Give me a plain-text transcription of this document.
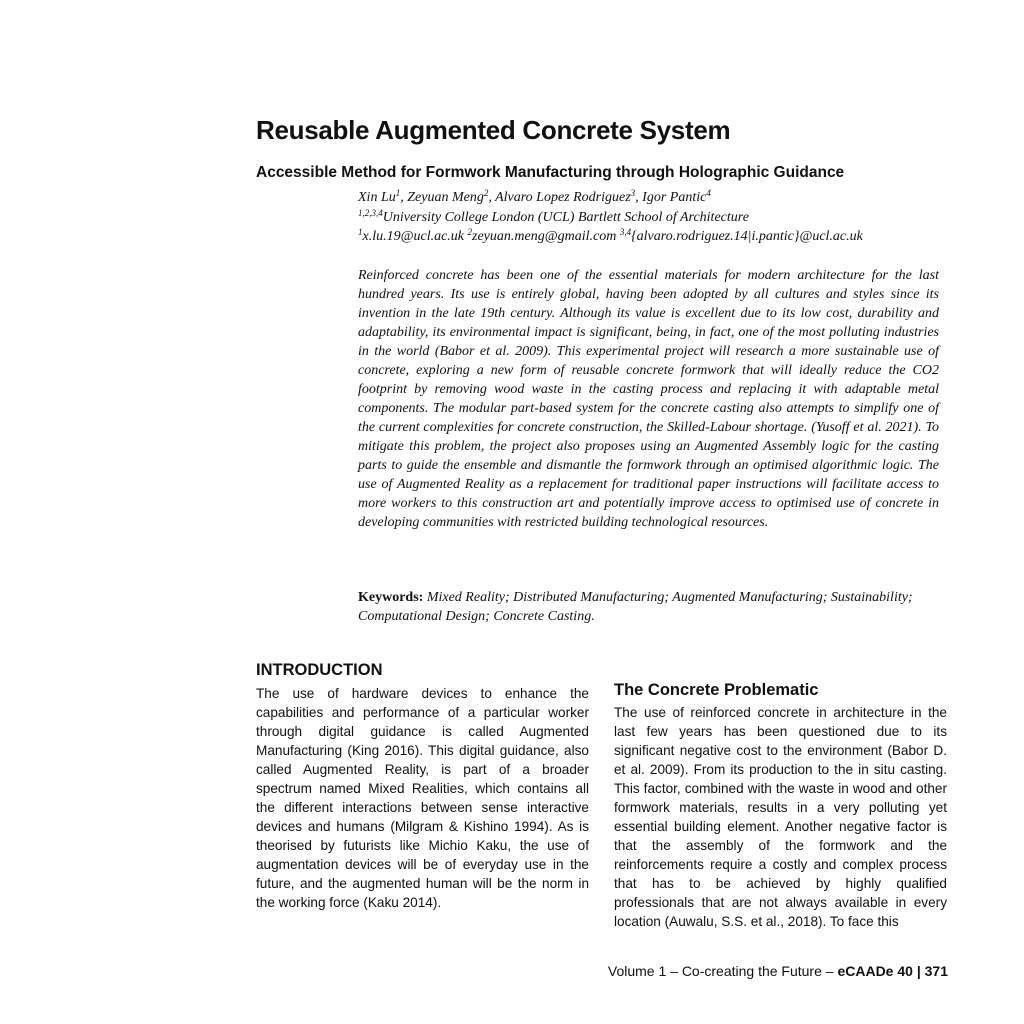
Reusable Augmented Concrete System
Accessible Method for Formwork Manufacturing through Holographic Guidance
Xin Lu$^1$, Zeyuan Meng$^2$, Alvaro Lopez Rodriguez$^3$, Igor Pantic$^4$
$^{1,2,3,4}$University College London (UCL) Bartlett School of Architecture
$^1$x.lu.19@ucl.ac.uk $^2$zeyuan.meng@gmail.com $^{3,4}${alvaro.rodriguez.14|i.pantic}@ucl.ac.uk

Reinforced concrete has been one of the essential materials for modern architecture for the last hundred years. Its use is entirely global, having been adopted by all cultures and styles since its invention in the late 19th century. Although its value is excellent due to its low cost, durability and adaptability, its environmental impact is significant, being, in fact, one of the most polluting industries in the world (Babor et al. 2009). This experimental project will research a more sustainable use of concrete, exploring a new form of reusable concrete formwork that will ideally reduce the CO2 footprint by removing wood waste in the casting process and replacing it with adaptable metal components. The modular part-based system for the concrete casting also attempts to simplify one of the current complexities for concrete construction, the Skilled-Labour shortage. (Yusoff et al. 2021). To mitigate this problem, the project also proposes using an Augmented Assembly logic for the casting parts to guide the ensemble and dismantle the formwork through an optimised algorithmic logic. The use of Augmented Reality as a replacement for traditional paper instructions will facilitate access to more workers to this construction art and potentially improve access to optimised use of concrete in developing communities with restricted building technological resources.

Keywords: Mixed Reality; Distributed Manufacturing; Augmented Manufacturing; Sustainability; Computational Design; Concrete Casting.

INTRODUCTION

The use of hardware devices to enhance the capabilities and performance of a particular worker through digital guidance is called Augmented Manufacturing (King 2016). This digital guidance, also called Augmented Reality, is part of a broader spectrum named Mixed Realities, which contains all the different interactions between sense interactive devices and humans (Milgram & Kishino 1994). As is theorised by futurists like Michio Kaku, the use of augmentation devices will be of everyday use in the future, and the augmented human will be the norm in the working force (Kaku 2014).

The Concrete Problematic

The use of reinforced concrete in architecture in the last few years has been questioned due to its significant negative cost to the environment (Babor D. et al. 2009). From its production to the in situ casting. This factor, combined with the waste in wood and other formwork materials, results in a very polluting yet essential building element. Another negative factor is that the assembly of the formwork and the reinforcements require a costly and complex process that has to be achieved by highly qualified professionals that are not always available in every location (Auwalu, S.S. et al., 2018). To face this

Volume 1 – Co-creating the Future – eCAADe 40 | 371
